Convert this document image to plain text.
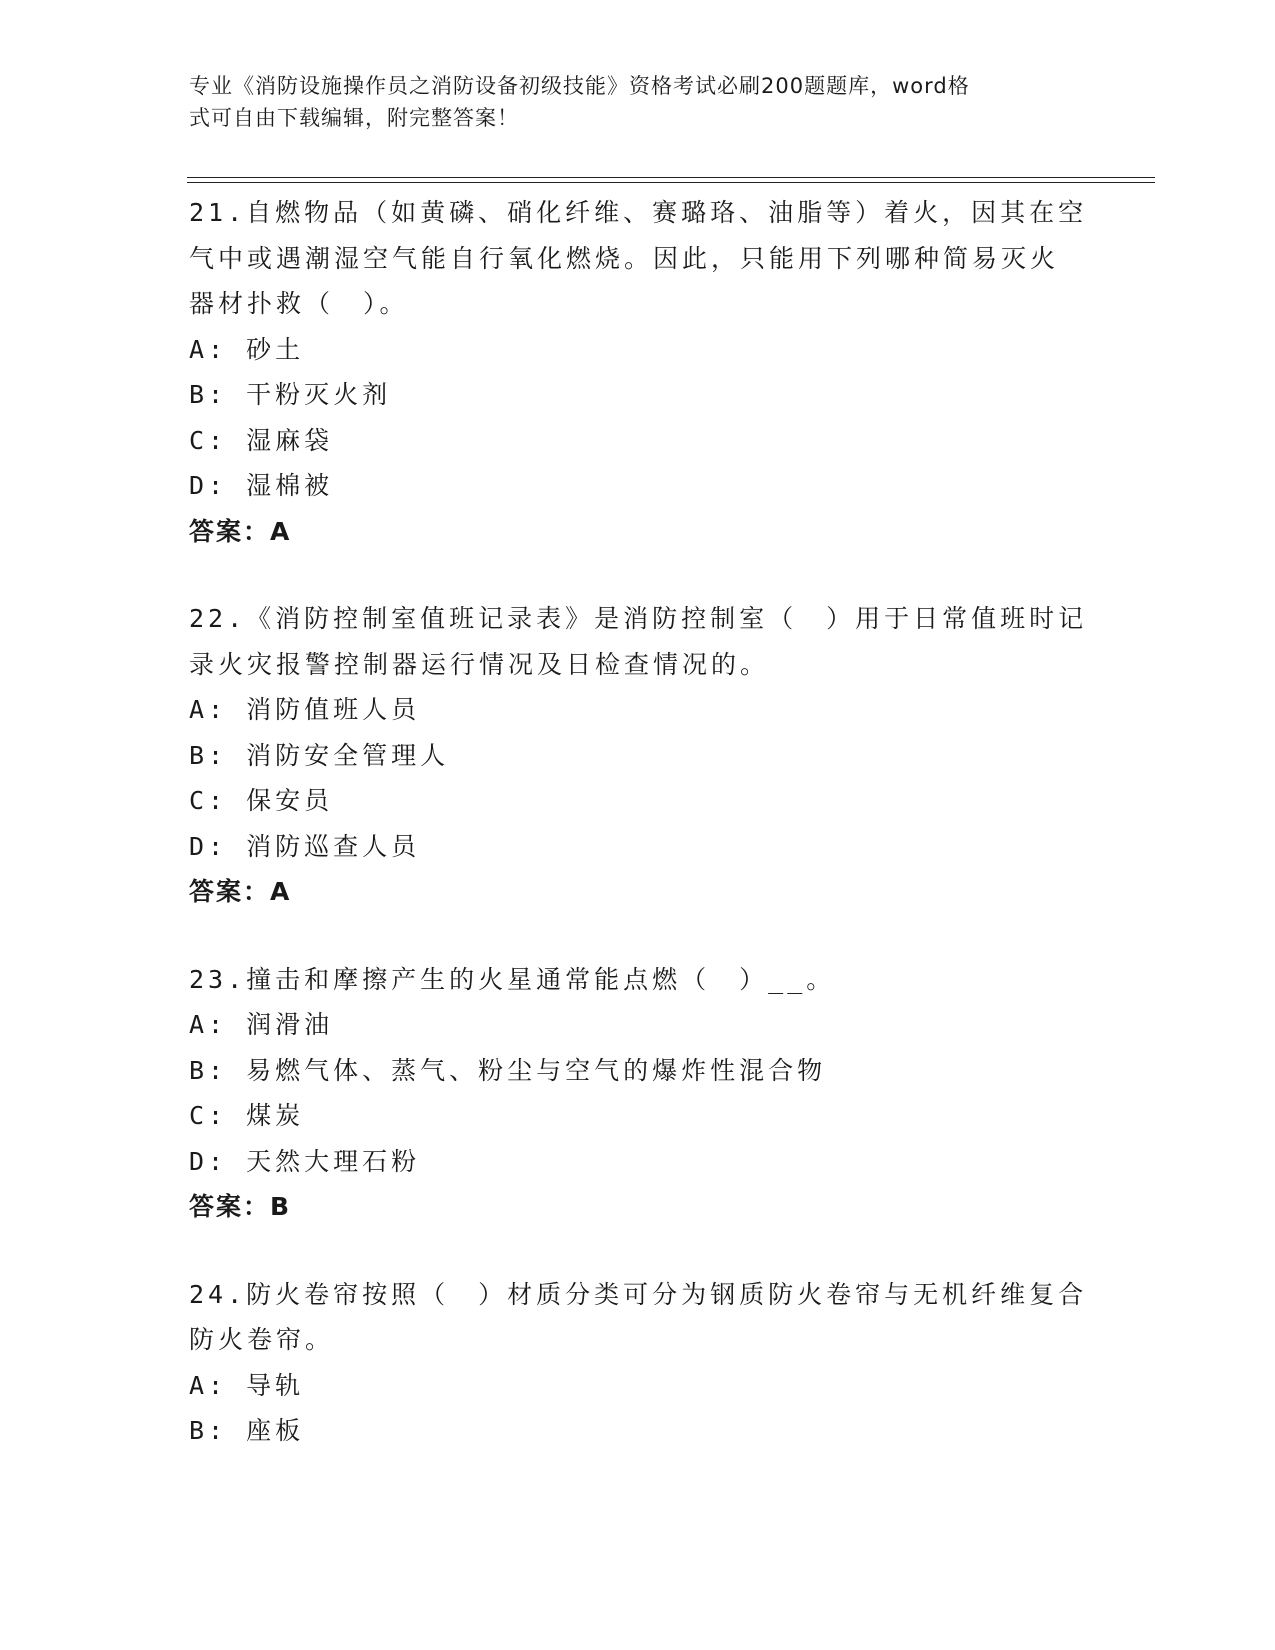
专业《消防设施操作员之消防设备初级技能》资格考试必刷200题题库，word格
式可自由下载编辑，附完整答案！
21.自燃物品（如黄磷、硝化纤维、赛璐珞、油脂等）着火，因其在空
气中或遇潮湿空气能自行氧化燃烧。因此，只能用下列哪种简易灭火
器材扑救（　）。
A: 砂土
B: 干粉灭火剂
C: 湿麻袋
D: 湿棉被
答案：A
22.《消防控制室值班记录表》是消防控制室（　）用于日常值班时记
录火灾报警控制器运行情况及日检查情况的。
A: 消防值班人员
B: 消防安全管理人
C: 保安员
D: 消防巡查人员
答案：A
23.撞击和摩擦产生的火星通常能点燃（　）__。
A: 润滑油
B: 易燃气体、蒸气、粉尘与空气的爆炸性混合物
C: 煤炭
D: 天然大理石粉
答案：B
24.防火卷帘按照（　）材质分类可分为钢质防火卷帘与无机纤维复合
防火卷帘。
A: 导轨
B: 座板
